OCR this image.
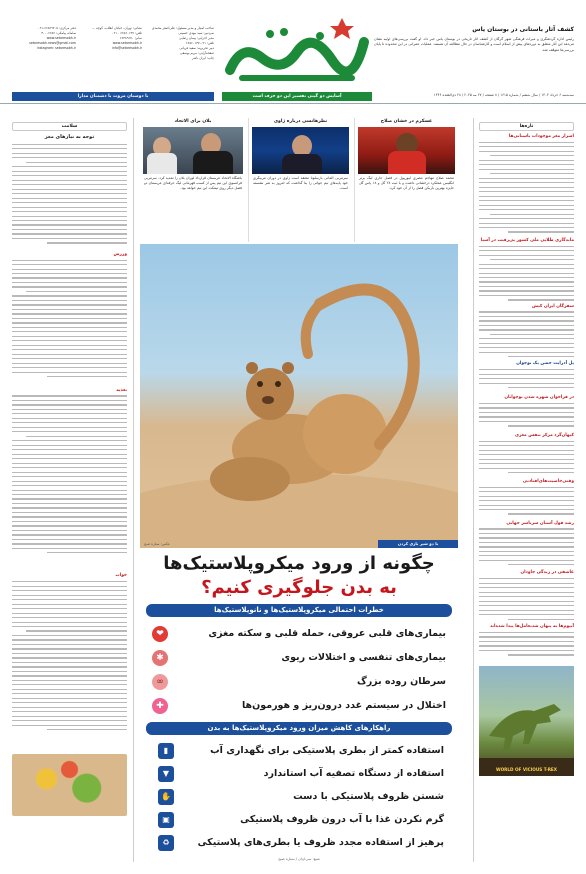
کشف آثار باستانی در بوستان یاس
رئیس اداره گردشگری و میراث فرهنگی شهر گرگان از کشف آثار تاریخی در بوستان یاس خبر داد. او گفت بررسی‌های اولیه نشان می‌دهد این آثار متعلق به دوره‌های پیش از اسلام است و کارشناسان در حال مطالعه آن هستند. عملیات عمرانی در این محدوده تا پایان بررسی‌ها متوقف شد.
صاحب امتیاز و مدیر مسئول: علی‌اصغر محمدی
سردبیر: سید مهدی حسینی
مدیر اجرایی: پیمان رضایی
تلفن: ۰۲۱-۶۶۵۶۰۱۳۷
دبیر تحریریه: سعید قربانی
صفحه‌آرایی: مریم یوسفی
چاپ: ایران ناشر
نشانی: تهران، خیابان انقلاب، کوچه ...
تلفن: ۶۶۵۶۰۱۳۷ - ۰۲۱
نمابر: ۶۶۴۸۹۶۷۰
www.setaresobh.ir
info@setaresobh.ir
دفتر مرکزی: ۶۶۵۶۹۴۰۵-۰۲۱
سامانه پیامکی: ۳۰۰۰۶۶۵۶
www.setaresobh.ir
setaresobh.news@gmail.com
instagram: setaresobh.ir
آسایش دو گیتی تفسیر این دو حرف است
با دوستان مروت با دشمنان مدارا	سه‌شنبه ۶ خرداد ۱۴۰۴ / سال ششم / شماره ۱۶۱۵ / ۸ صفحه / ۲۷ مه ۲۰۲۵ / ۲۸ ذی‌القعده ۱۴۴۶
تازه‌ها
سلامت
عسکرم در خشان صلاح
محمد صلاح مهاجم مصری لیورپول در فصل جاری لیگ برتر انگلیس عملکرد درخشانی داشت و با ثبت ۲۸ گل و ۱۸ پاس گل جایزه بهترین بازیکن فصل را از آن خود کرد.
نظرهانسی درباره ژاوی
سرمربی آلمانی بارسلونا معتقد است ژاوی در دوران مربیگری خود پایه‌های تیم جوانی را بنا گذاشت که امروز به ثمر نشسته است.
بلان برای الاتحاد
باشگاه الاتحاد عربستان قرارداد لوران بلان را تمدید کرد. سرمربی فرانسوی این تیم پس از کسب قهرمانی لیگ حرفه‌ای عربستان دو فصل دیگر روی نیمکت این تیم خواهد بود.
با دو شیر بازی کردن
عکس: ستاره صبح
چگونه از ورود میکروپلاستیک‌ها
به بدن جلوگیری کنیم؟
خطرات احتمالی میکروپلاستیک‌ها و نانوپلاستیک‌ها
بیماری‌های قلبی عروقی، حمله قلبی و سکته مغزی
❤
بیماری‌های تنفسی و اختلالات ریوی
✱
سرطان روده بزرگ
∞
اختلال در سیستم غدد درون‌ریز و هورمون‌ها
✚
راهکارهای کاهش میزان ورود میکروپلاستیک‌ها به بدن
استفاده کمتر از بطری پلاستیکی برای نگهداری آب
▮
استفاده از دستگاه تصفیه آب استاندارد
▼
شستن ظروف پلاستیکی با دست
✋
گرم نکردن غذا با آب درون ظروف پلاستیکی
▣
پرهیز از استفاده مجدد ظروف یا بطری‌های پلاستیکی
♻
منبع: سی‌ان‌ان / ستاره صبح
اسرار مغز موجودات باستانی‌ها
ماندگاری طلایی ملی کشور بی‌رقیب در آسیا
سفرگان ایران کیش
پل آدرایت جشن یک نوجوان
در فراخوان شهره شدن نوجوانان
کیهان‌گرد مرکز تنفس مغزی
وقتی‌خاصیت‌های‌افتادنی
رشد قول آستان سرتاسر جهانی
عاشقی در زندگی جاودان
آبیوم‌ها به پنهان شدنعامل‌ها پیدا شده‌اند
WORLD OF VICIOUS T-REX
توجه به نیازهای مغز
ورزش
تغذیه
خواب
